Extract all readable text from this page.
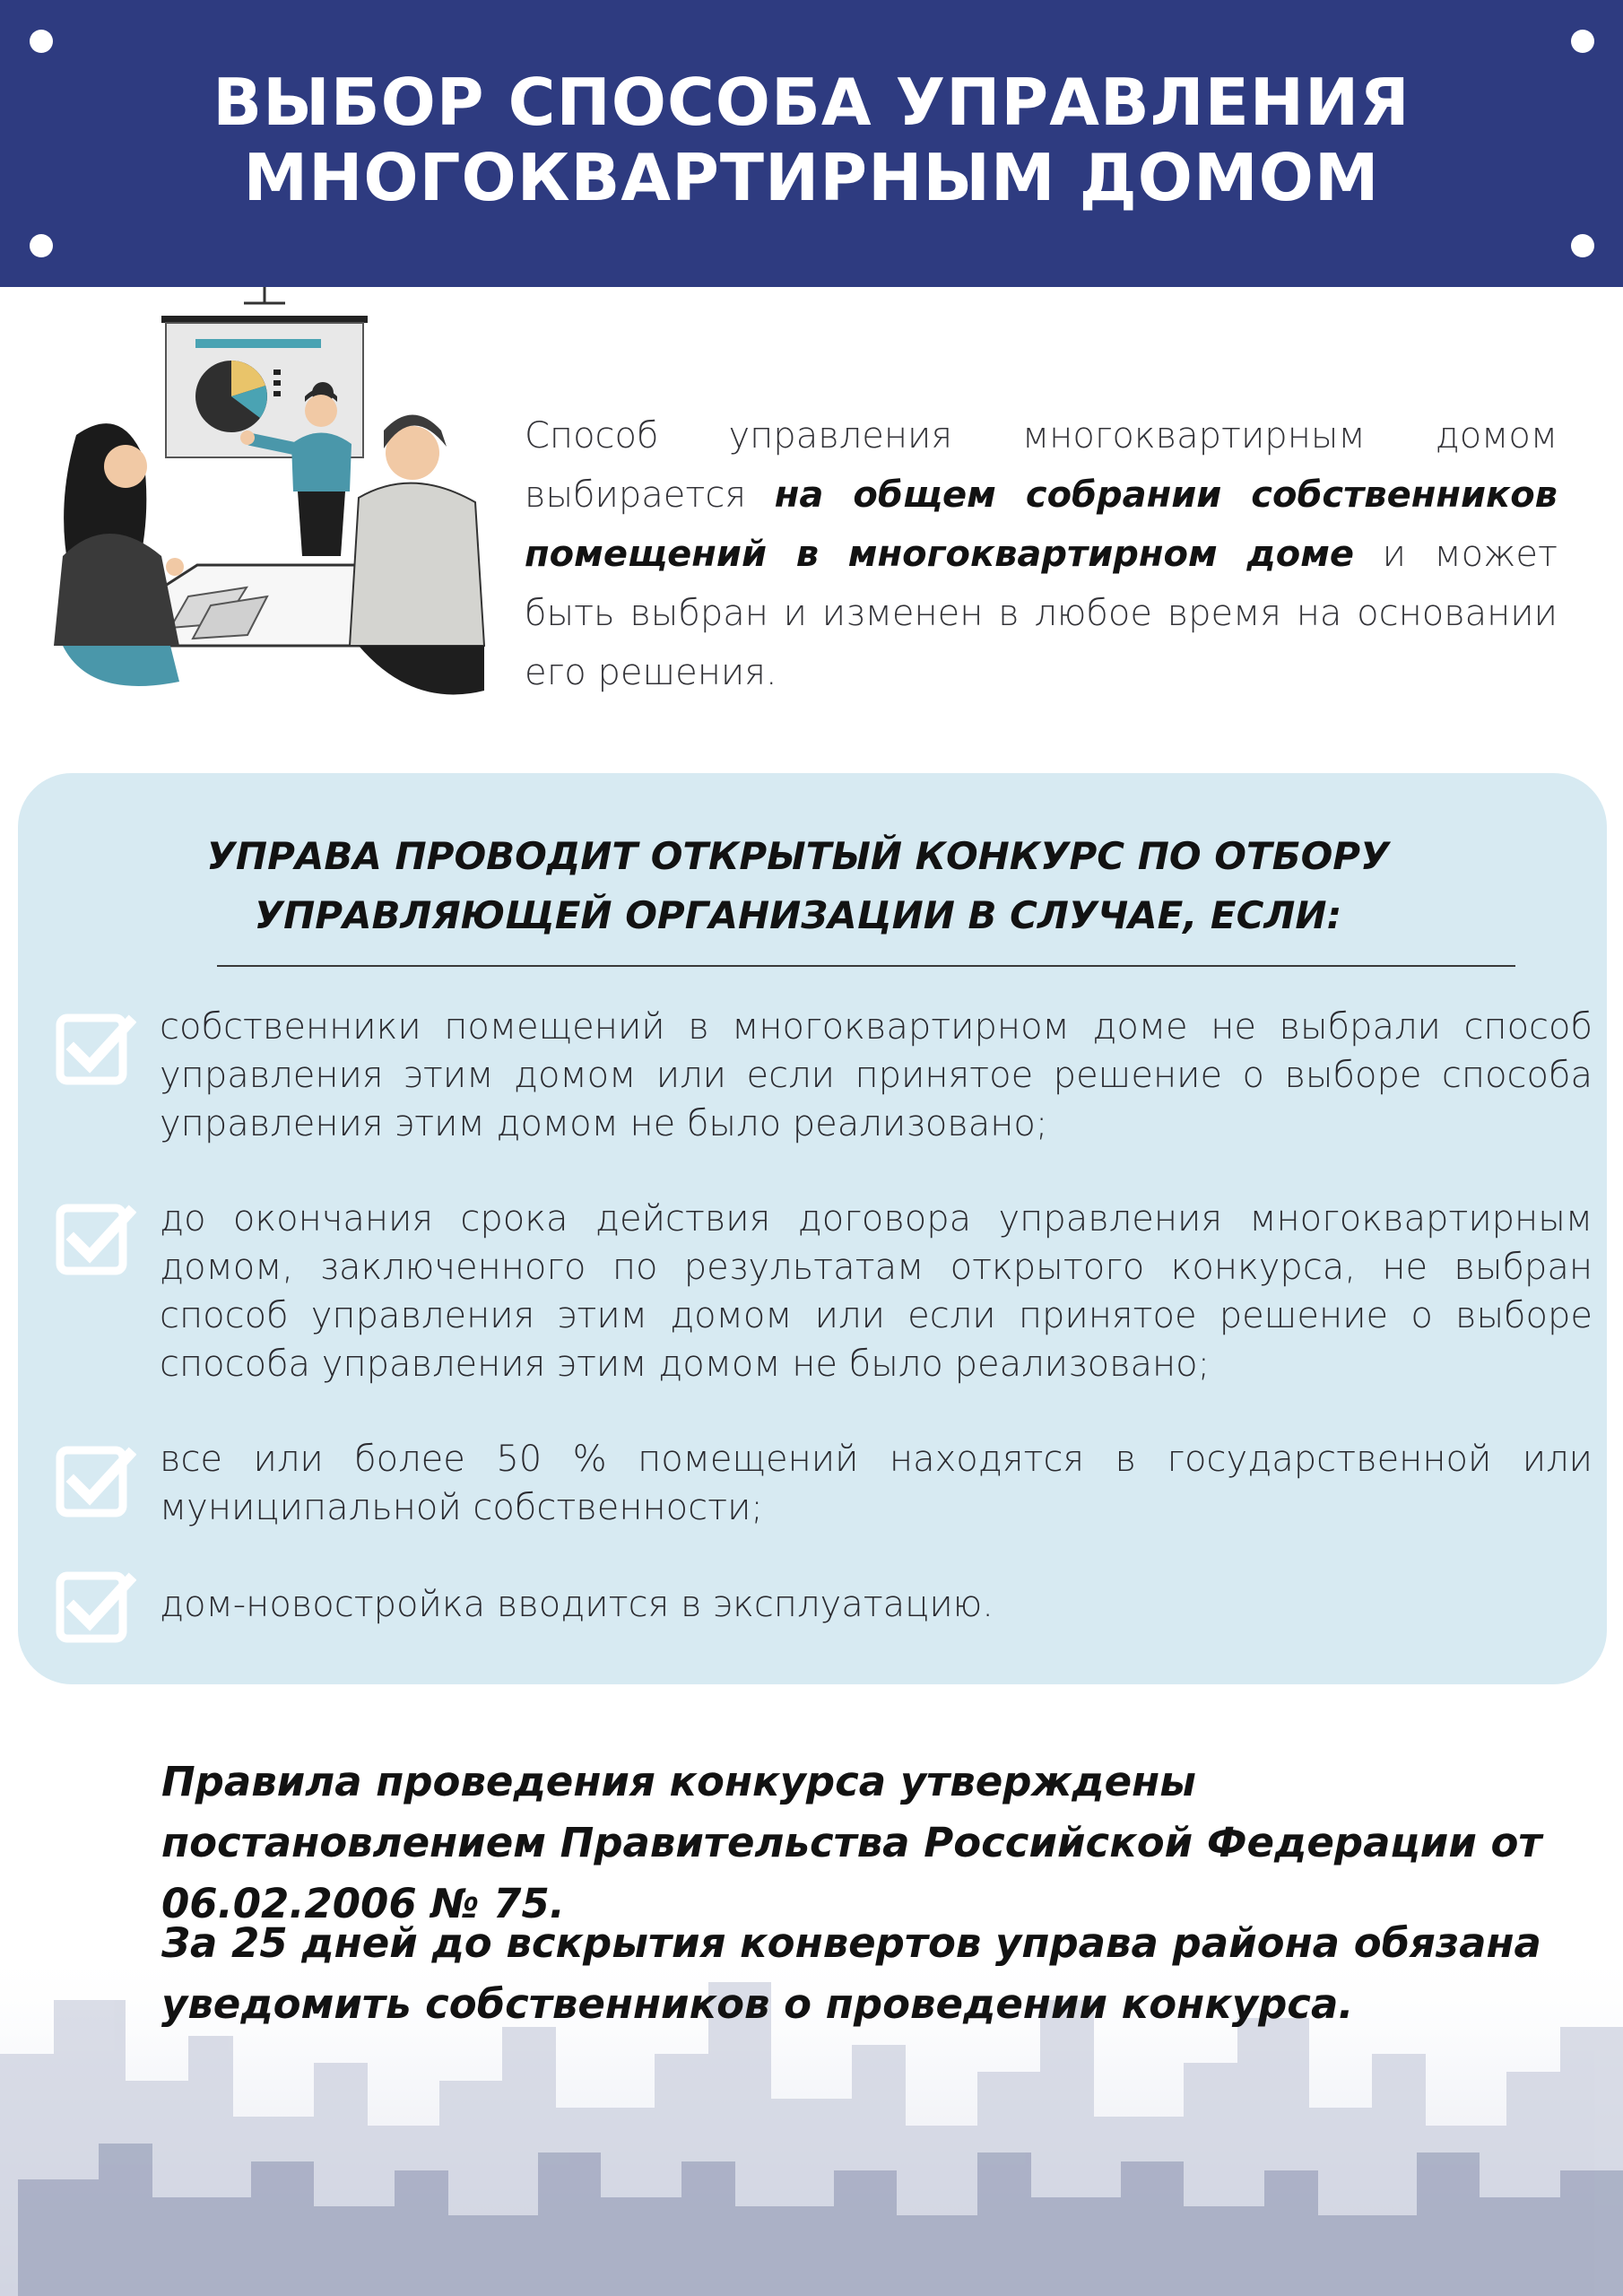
ВЫБОР СПОСОБА УПРАВЛЕНИЯ
МНОГОКВАРТИРНЫМ ДОМОМ

Способ управления многоквартирным домом выбирается на общем собрании собственников помещений в многоквартирном доме и может быть выбран и изменен в любое время на основании его решения.

УПРАВА ПРОВОДИТ ОТКРЫТЫЙ КОНКУРС ПО ОТБОРУ
УПРАВЛЯЮЩЕЙ ОРГАНИЗАЦИИ В СЛУЧАЕ, ЕСЛИ:
собственники помещений в многоквартирном доме не выбрали способ управления этим домом или если принятое решение о выборе способа управления этим домом не было реализовано;
до окончания срока действия договора управления многоквартирным домом, заключенного по результатам открытого конкурса, не выбран способ управления этим домом или если принятое решение о выборе способа управления этим домом не было реализовано;
все или более 50 % помещений находятся в государственной или муниципальной собственности;
дом-новостройка вводится в эксплуатацию.

Правила проведения конкурса утверждены постановлением Правительства Российской Федерации от 06.02.2006 № 75.

За 25 дней до вскрытия конвертов управа района обязана уведомить собственников о проведении конкурса.
